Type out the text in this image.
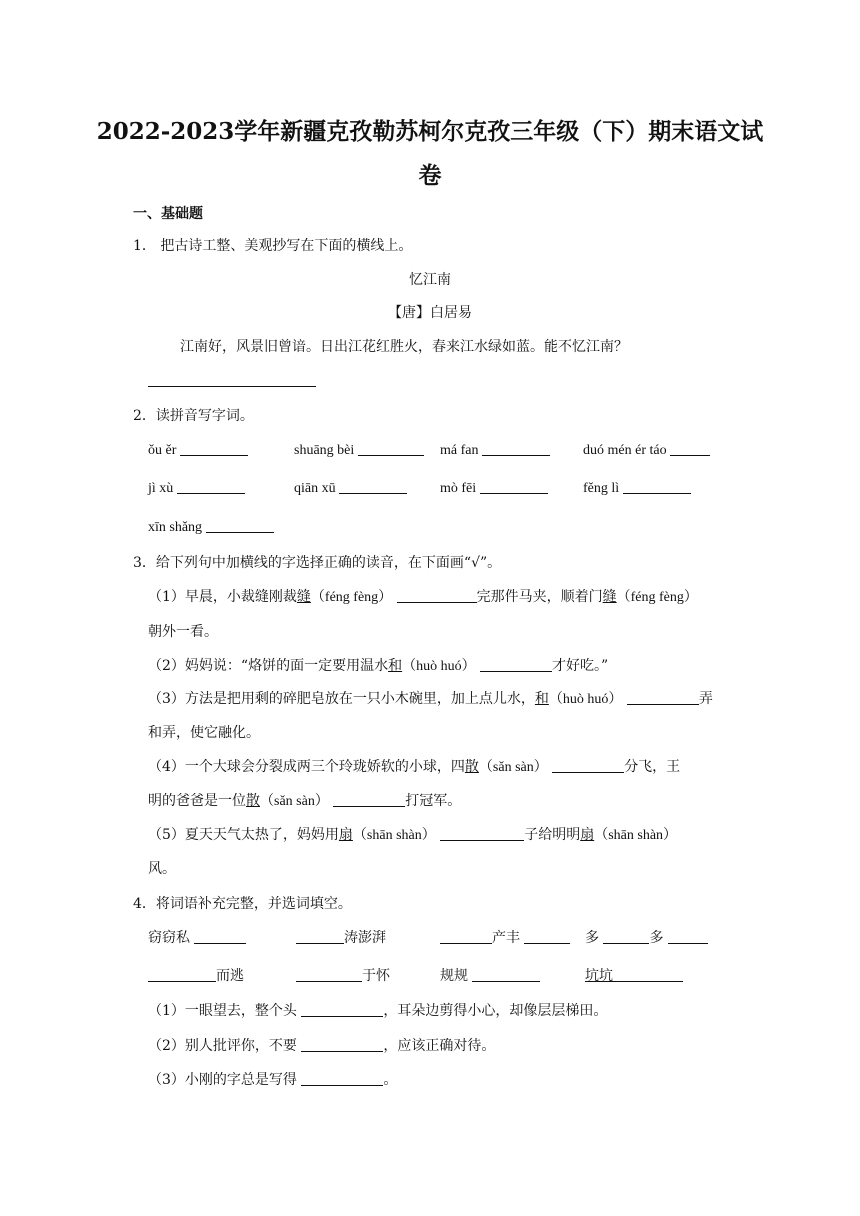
2022-2023学年新疆克孜勒苏柯尔克孜三年级（下）期末语文试
卷
一、基础题
1． 把古诗工整、美观抄写在下面的横线上。
忆江南
【唐】白居易
江南好，风景旧曾谙。日出江花红胜火，春来江水绿如蓝。能不忆江南？
2．读拼音写字词。
ǒu ěr	shuāng bèi	má fan	duó mén ér táo
jì xù	qiān xū	mò fēi	fěng lì
xīn shǎng
3．给下列句中加横线的字选择正确的读音，在下面画“√”。
（1）早晨，小裁缝刚裁缝（féng fèng）	完那件马夹，顺着门缝（féng fèng）
朝外一看。
（2）妈妈说：“烙饼的面一定要用温水和（huò huó）	才好吃。”
（3）方法是把用剩的碎肥皂放在一只小木碗里，加上点儿水，和（huò huó）	弄
和弄，使它融化。
（4）一个大球会分裂成两三个玲珑娇软的小球，四散（sǎn sàn）	分飞，王
明的爸爸是一位散（sǎn sàn）	打冠军。
（5）夏天天气太热了，妈妈用扇（shān shàn）	子给明明扇（shān shàn）
风。
4．将词语补充完整，并选词填空。
窃窃私	涛澎湃	产丰	多	多
而逃	于怀	规规	坑坑
（1）一眼望去，整个头	，耳朵边剪得小心，却像层层梯田。
（2）别人批评你，不要	，应该正确对待。
（3）小刚的字总是写得	。
